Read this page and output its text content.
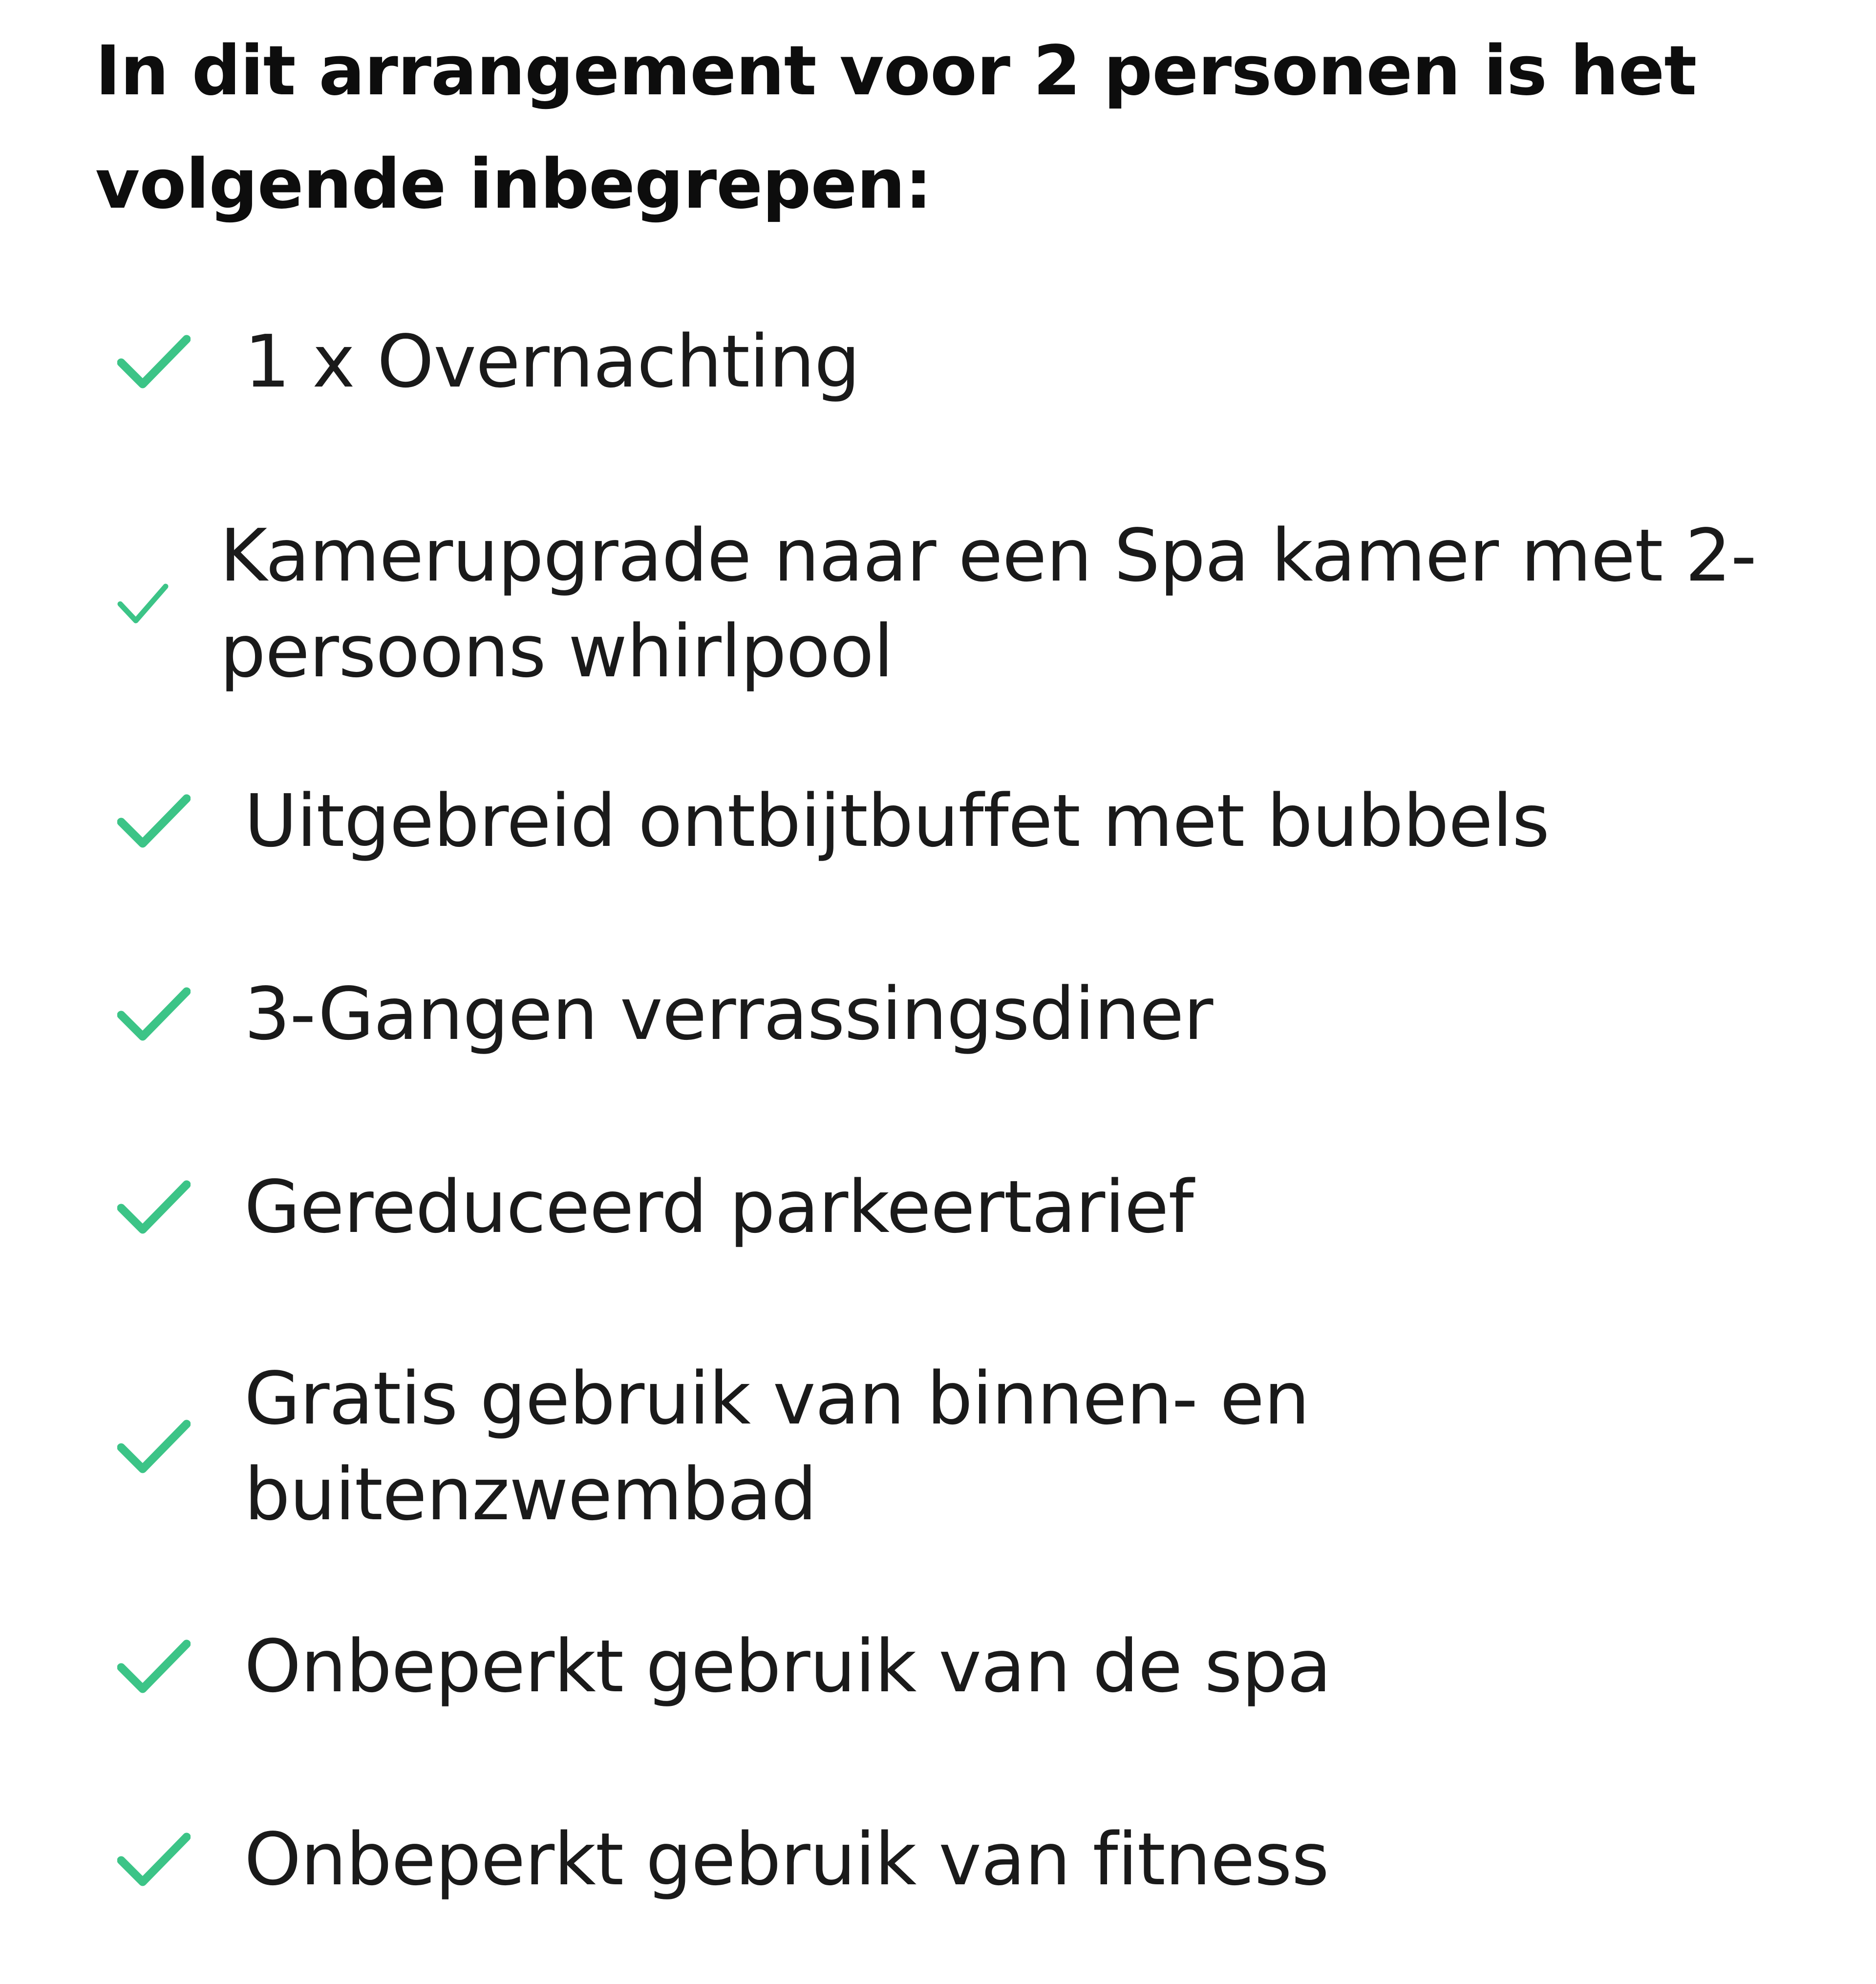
In dit arrangement voor 2 personen is het volgende inbegrepen:
1 x Overnachting
Kamerupgrade naar een Spa kamer met 2-persoons whirlpool
Uitgebreid ontbijtbuffet met bubbels
3-Gangen verrassingsdiner
Gereduceerd parkeertarief
Gratis gebruik van binnen- en buitenzwembad
Onbeperkt gebruik van de spa
Onbeperkt gebruik van fitness
